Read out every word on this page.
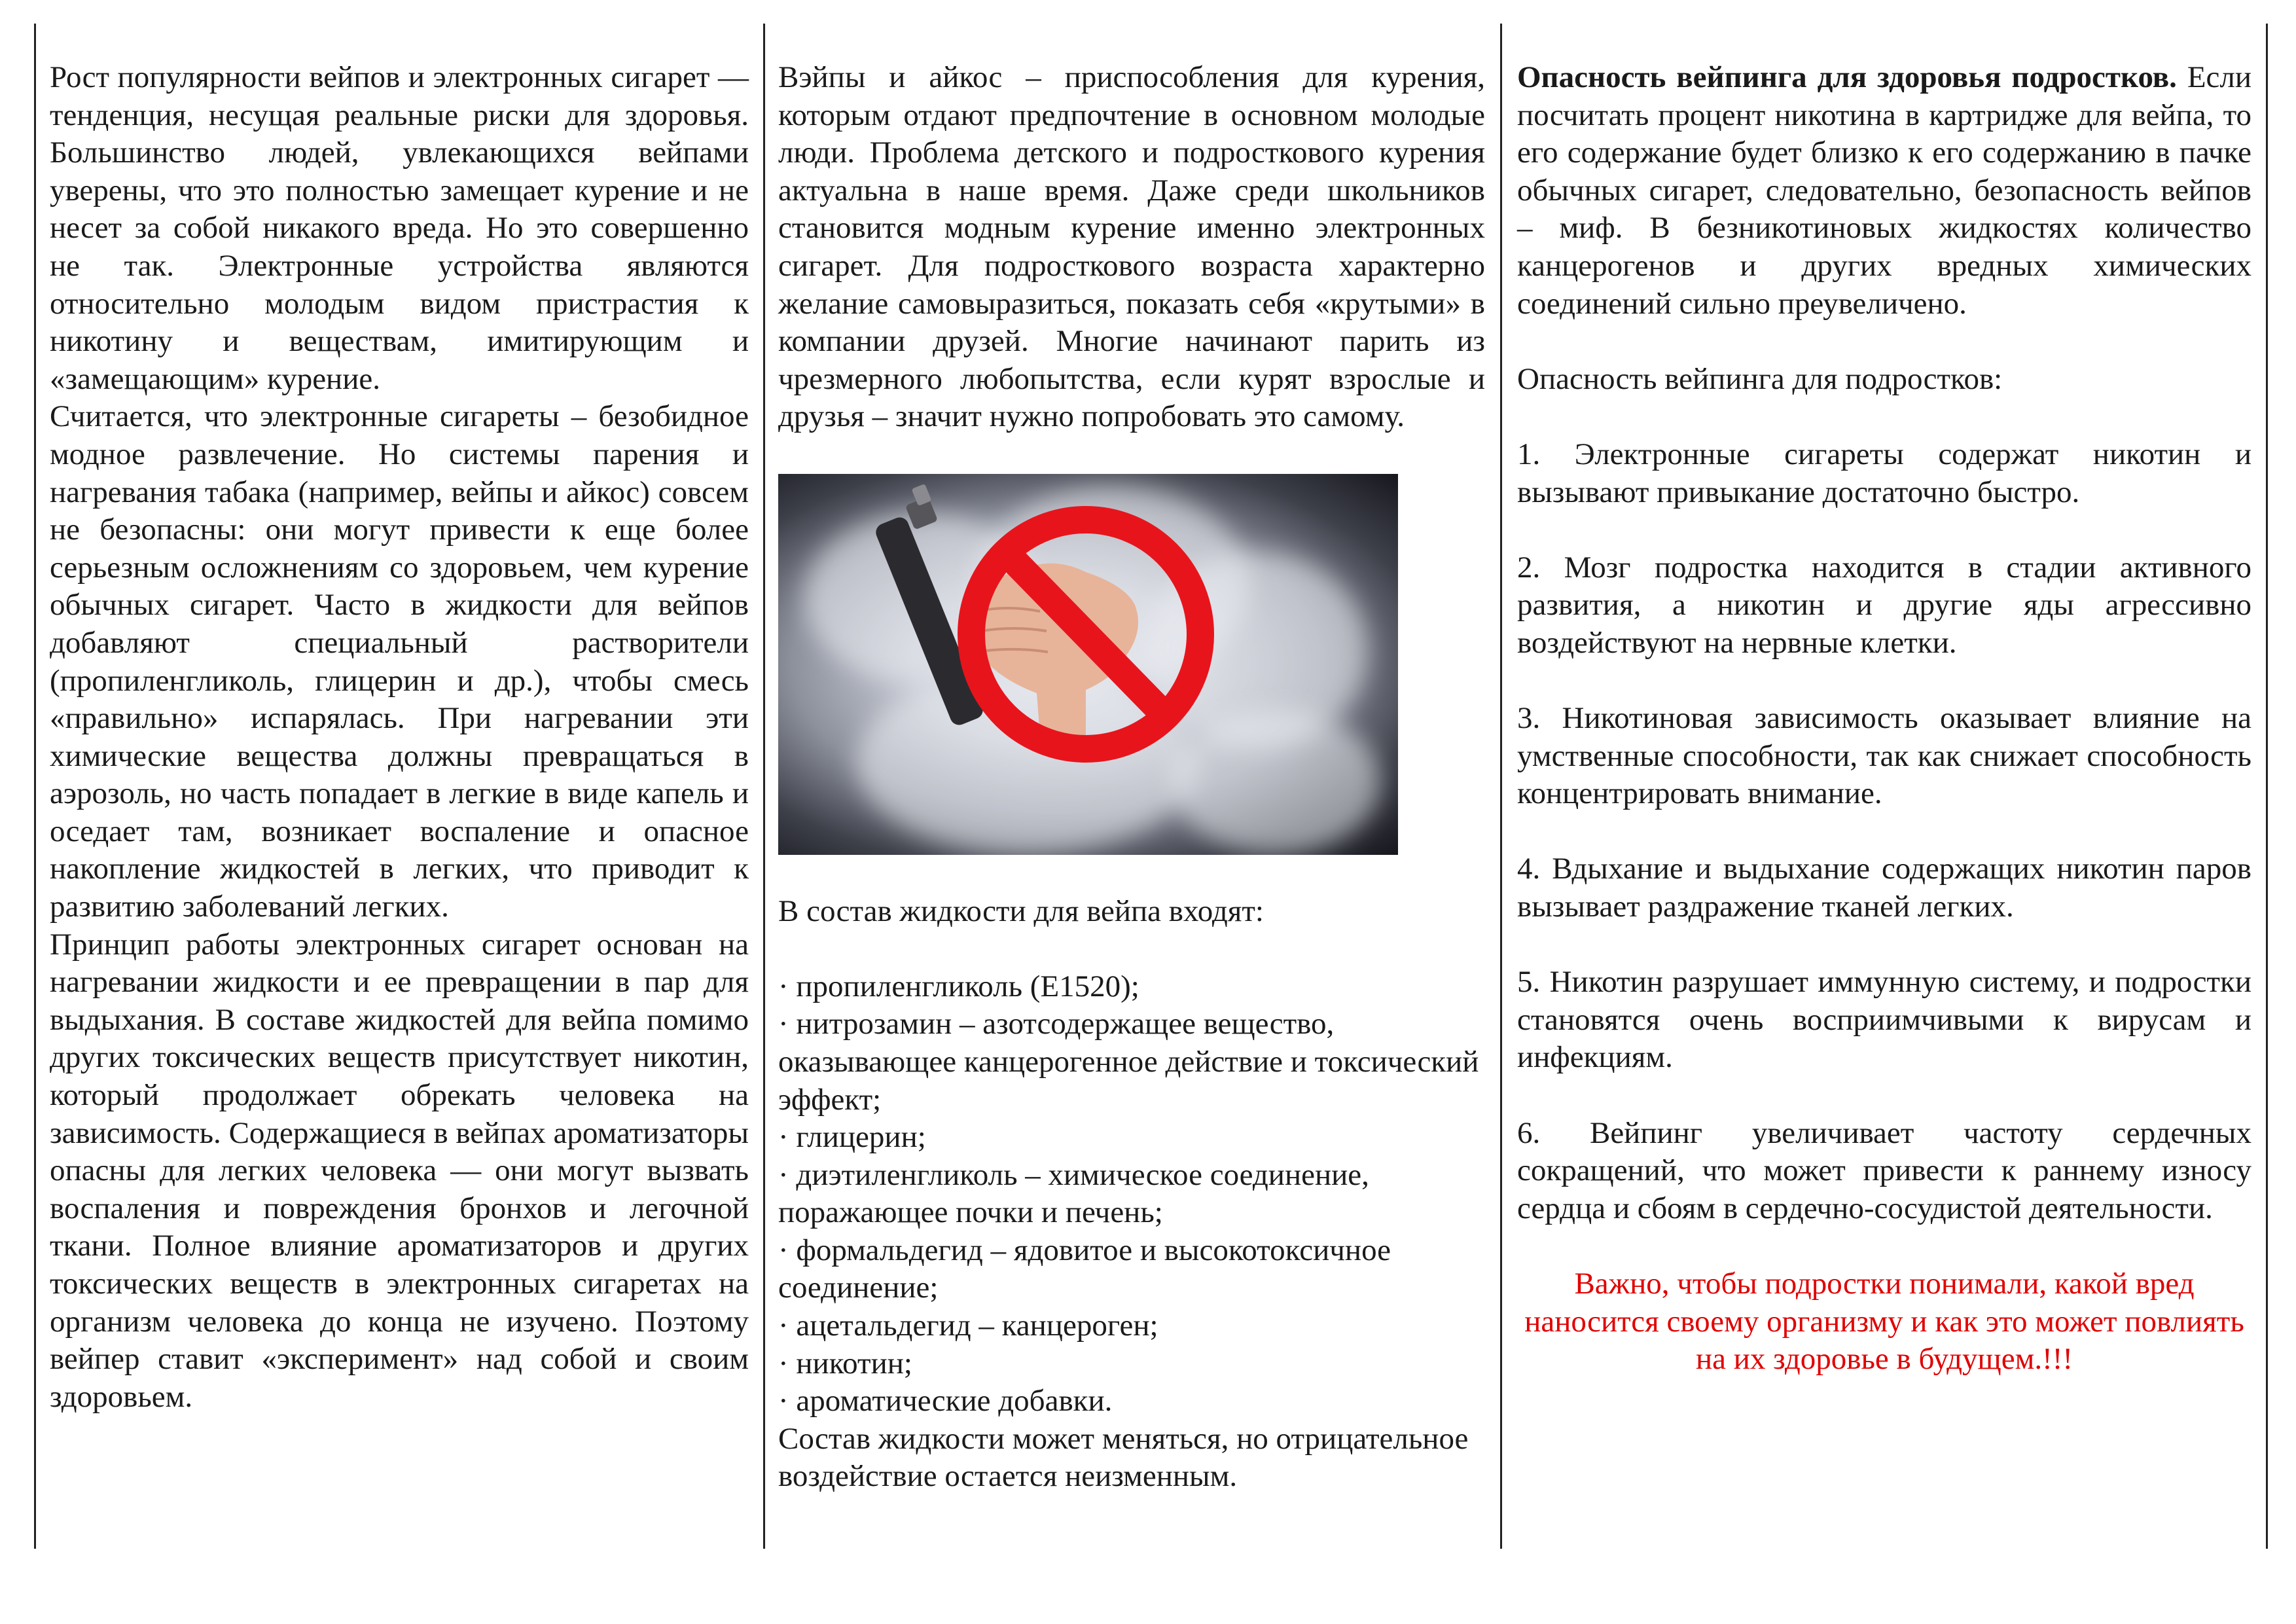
Рост популярности вейпов и электронных сигарет — тенденция, несущая реальные риски для здоровья. Большинство людей, увлекающихся вейпами уверены, что это полностью замещает курение и не несет за собой никакого вреда. Но это совершенно не так. Электронные устройства являются относительно молодым видом пристрастия к никотину и веществам, имитирующим и «замещающим» курение.

Считается, что электронные сигареты – безобидное модное развлечение. Но системы парения и нагревания табака (например, вейпы и айкос) совсем не безопасны: они могут привести к еще более серьезным осложнениям со здоровьем, чем курение обычных сигарет. Часто в жидкости для вейпов добавляют специальный растворители (пропиленгликоль, глицерин и др.), чтобы смесь «правильно» испарялась. При нагревании эти химические вещества должны превращаться в аэрозоль, но часть попадает в легкие в виде капель и оседает там, возникает воспаление и опасное накопление жидкостей в легких, что приводит к развитию заболеваний легких.

Принцип работы электронных сигарет основан на нагревании жидкости и ее превращении в пар для выдыхания. В составе жидкостей для вейпа помимо других токсических веществ присутствует никотин, который продолжает обрекать человека на зависимость. Содержащиеся в вейпах ароматизаторы опасны для легких человека — они могут вызвать воспаления и повреждения бронхов и легочной ткани. Полное влияние ароматизаторов и других токсических веществ в электронных сигаретах на организм человека до конца не изучено. Поэтому вейпер ставит «эксперимент» над собой и своим здоровьем.

Вэйпы и айкос – приспособления для курения, которым отдают предпочтение в основном молодые люди. Проблема детского и подросткового курения актуальна в наше время. Даже среди школьников становится модным курение именно электронных сигарет. Для подросткового возраста характерно желание самовыразиться, показать себя «крутыми» в компании друзей. Многие начинают парить из чрезмерного любопытства, если курят взрослые и друзья – значит нужно попробовать это самому.

В состав жидкости для вейпа входят:

· пропиленгликоль (Е1520);

· нитрозамин – азотсодержащее вещество, оказывающее канцерогенное действие и токсический эффект;

· глицерин;

· диэтиленгликоль – химическое соединение, поражающее почки и печень;

· формальдегид – ядовитое и высокотоксичное соединение;

· ацетальдегид – канцероген;

· никотин;

· ароматические добавки.

Состав жидкости может меняться, но отрицательное воздействие остается неизменным.

Опасность вейпинга для здоровья подростков. Если посчитать процент никотина в картридже для вейпа, то его содержание будет близко к его содержанию в пачке обычных сигарет, следовательно, безопасность вейпов – миф. В безникотиновых жидкостях количество канцерогенов и других вредных химических соединений сильно преувеличено.

Опасность вейпинга для подростков:

1. Электронные сигареты содержат никотин и вызывают привыкание достаточно быстро.

2. Мозг подростка находится в стадии активного развития, а никотин и другие яды агрессивно воздействуют на нервные клетки.

3. Никотиновая зависимость оказывает влияние на умственные способности, так как снижает способность концентрировать внимание.

4. Вдыхание и выдыхание содержащих никотин паров вызывает раздражение тканей легких.

5. Никотин разрушает иммунную систему, и подростки становятся очень восприимчивыми к вирусам и инфекциям.

6. Вейпинг увеличивает частоту сердечных сокращений, что может привести к раннему износу сердца и сбоям в сердечно-сосудистой деятельности.

Важно, чтобы подростки понимали, какой вред наносится своему организму и как это может повлиять на их здоровье в будущем.!!!
